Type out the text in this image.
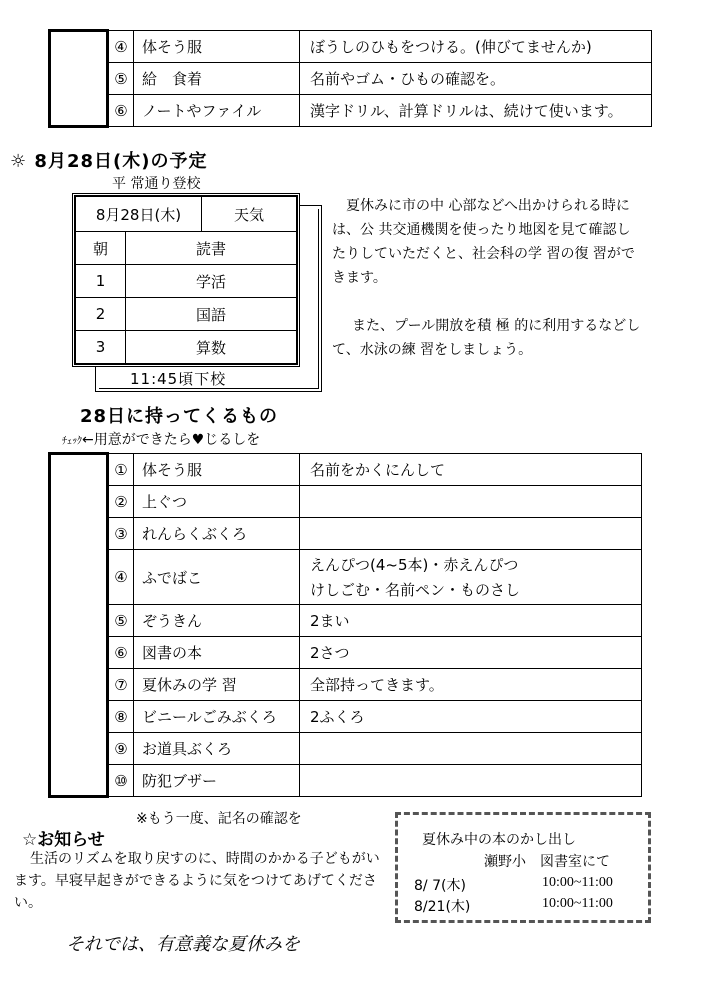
	④	体そう服	ぼうしのひもをつける。(伸びてませんか)
	⑤	給　食着	名前やゴム・ひもの確認を。
	⑥	ノートやファイル	漢字ドリル、計算ドリルは、続けて使います。
☼ 8月28日(木)の予定
平 常通り登校
8月28日(木)		天気
朝	読書	
1	学活	
2	国語	
3	算数	
11:45頃下校
夏休みに市の中 心部などへ出かけられる時には、公 共交通機関を使ったり地図を見て確認したりしていただくと、社会科の学 習の復 習ができます。
また、プール開放を積 極 的に利用するなどして、水泳の練 習をしましょう。
28日に持ってくるもの
ﾁｪｯｸ←用意ができたら♥じるしを
	①	体そう服	名前をかくにんして
	②	上ぐつ	
	③	れんらくぶくろ	
	④	ふでばこ	えんぴつ(4~5本)・赤えんぴつ
けしごむ・名前ペン・ものさし

	⑤	ぞうきん	2まい
	⑥	図書の本	2さつ
	⑦	夏休みの学 習	全部持ってきます。
	⑧	ビニールごみぶくろ	2ふくろ
	⑨	お道具ぶくろ	
	⑩	防犯ブザー	
※もう一度、記名の確認を
☆お知らせ
生活のリズムを取り戻すのに、時間のかかる子どもがいます。早寝早起きができるように気をつけてあげてください。
それでは、有意義な夏休みを
夏休み中の本のかし出し
瀬野小　図書室にて
8/ 7(木)	10:00~11:00
8/21(木)	10:00~11:00
